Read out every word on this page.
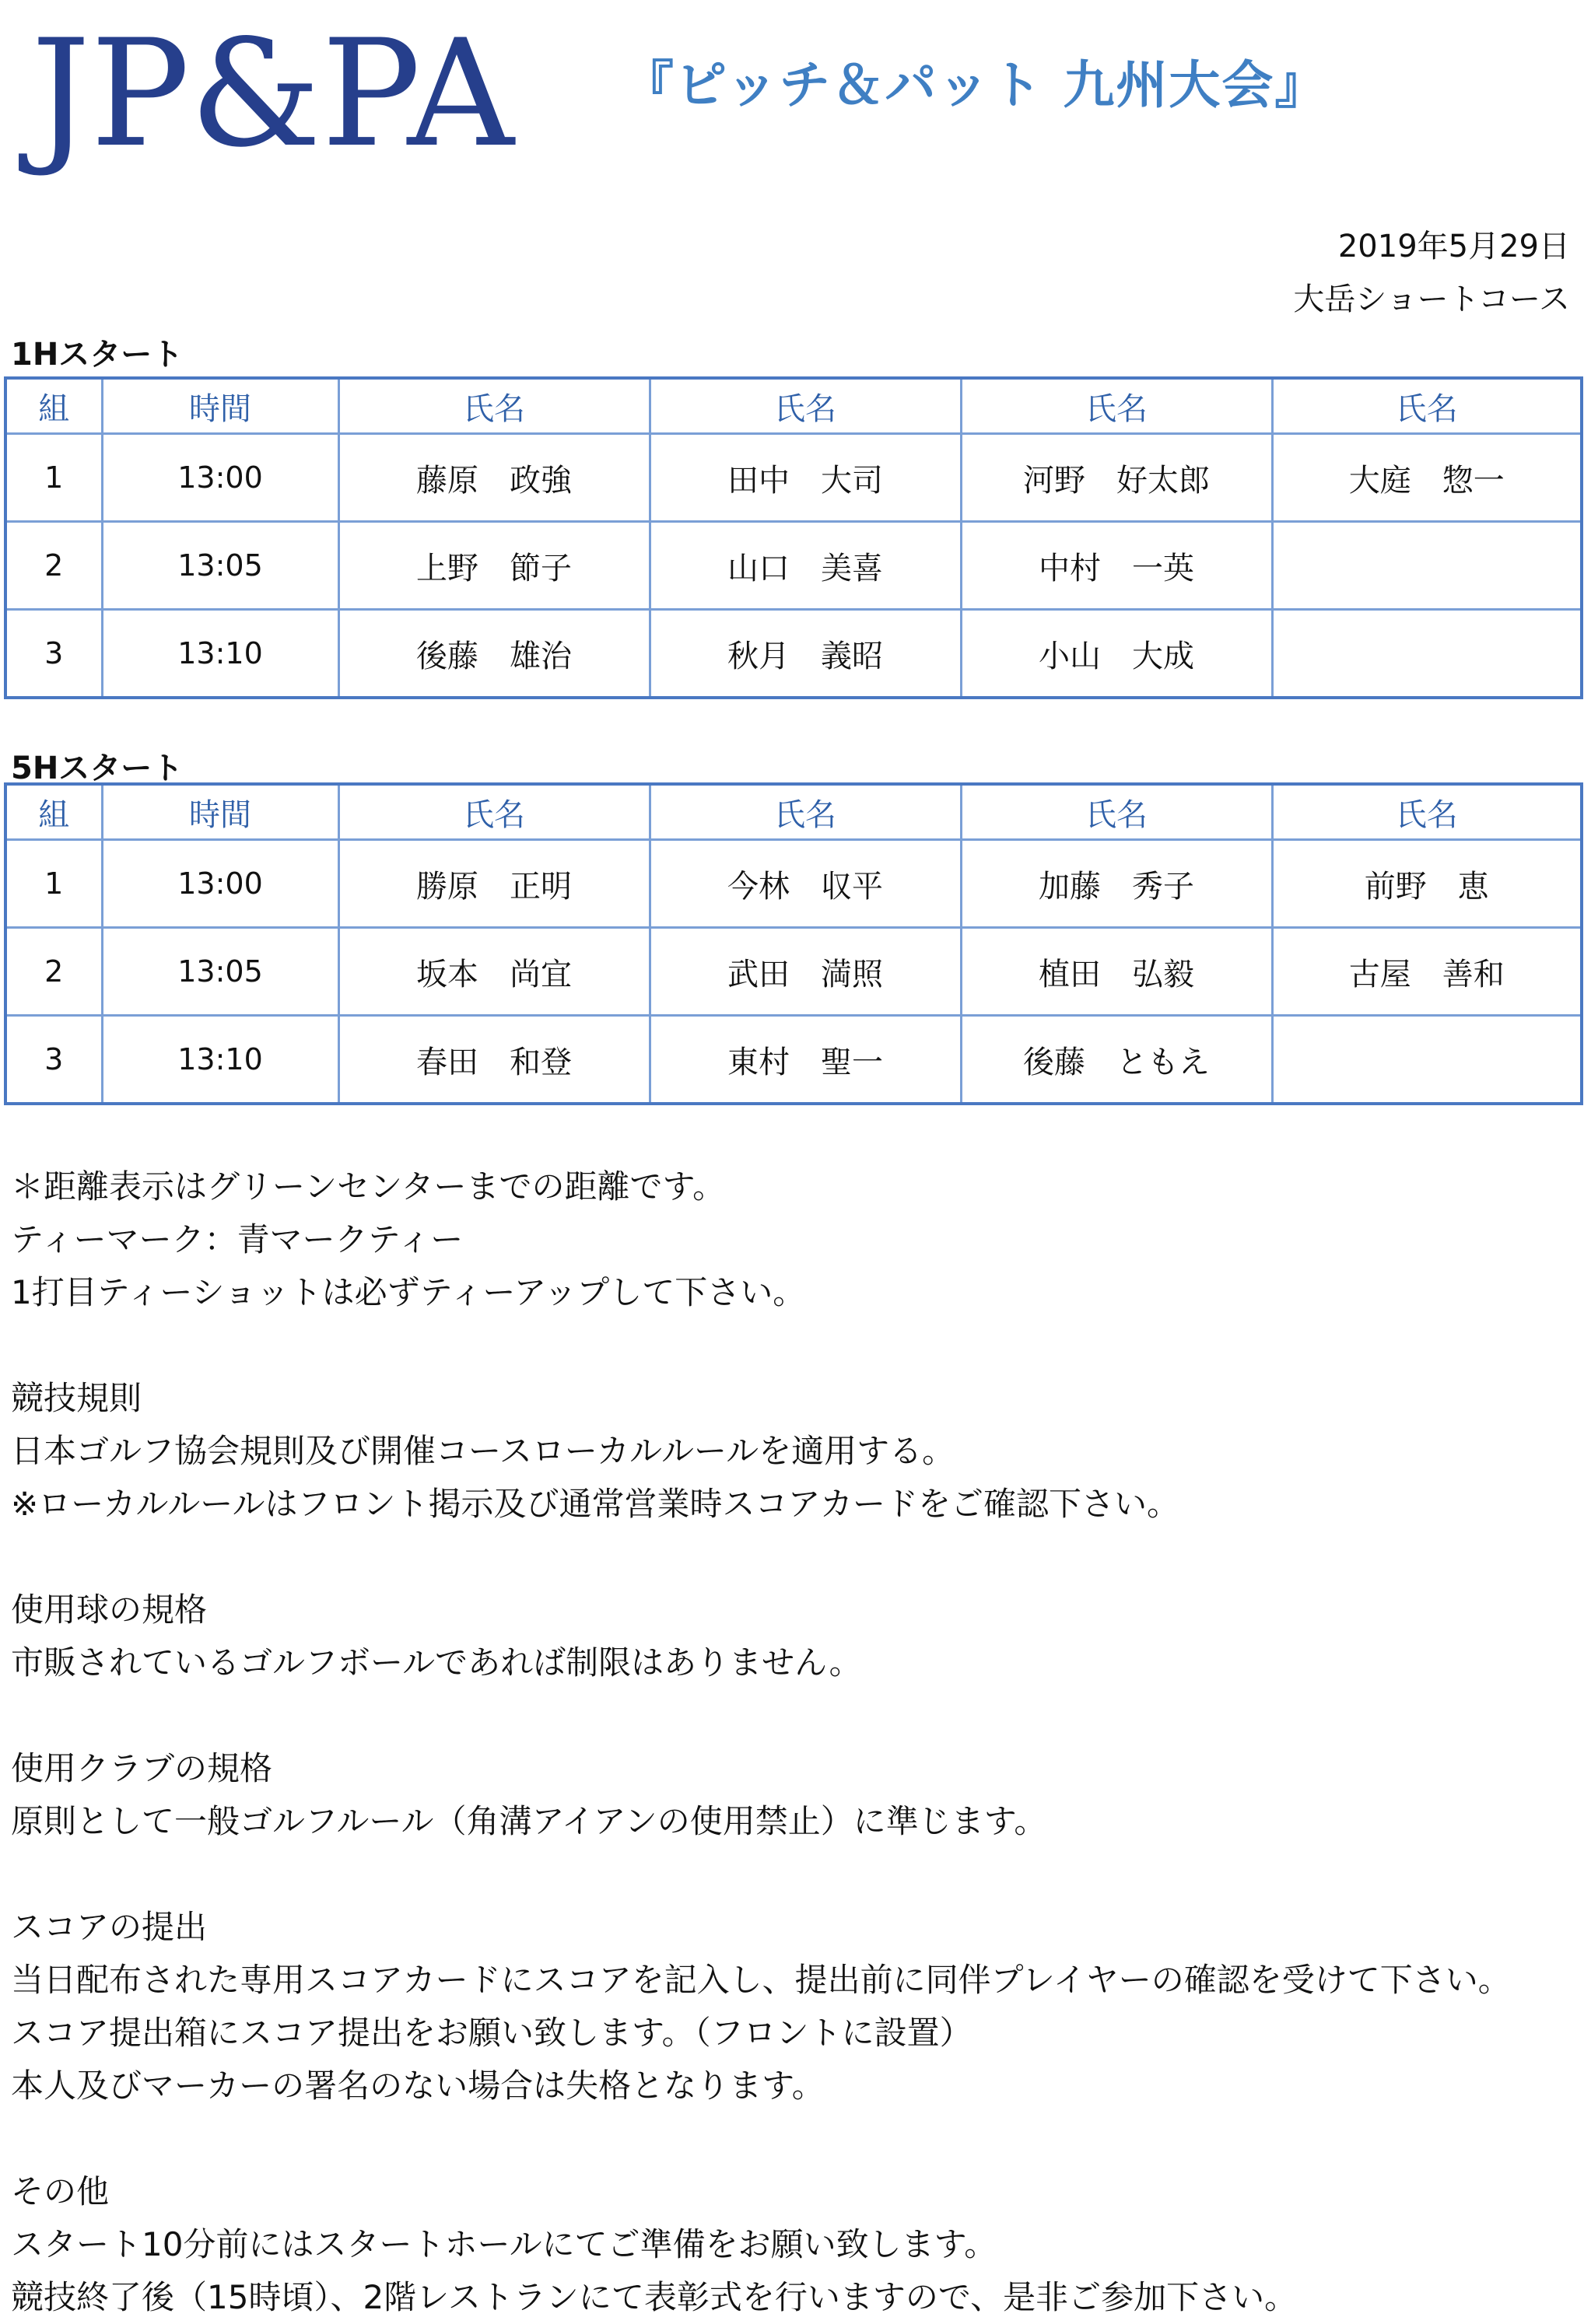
JP&PA 『ピッチ＆パット 九州大会』
2019年5月29日
大岳ショートコース
1Hスタート
組	時間	氏名	氏名	氏名	氏名
1	13:00	藤原　政強	田中　大司	河野　好太郎	大庭　惣一
2	13:05	上野　節子	山口　美喜	中村　一英	
3	13:10	後藤　雄治	秋月　義昭	小山　大成	
5Hスタート
組	時間	氏名	氏名	氏名	氏名
1	13:00	勝原　正明	今林　収平	加藤　秀子	前野　恵
2	13:05	坂本　尚宜	武田　満照	植田　弘毅	古屋　善和
3	13:10	春田　和登	東村　聖一	後藤　ともえ	
＊距離表示はグリーンセンターまでの距離です。
ティーマーク：青マークティー
1打目ティーショットは必ずティーアップして下さい。
競技規則
日本ゴルフ協会規則及び開催コースローカルルールを適用する。
※ローカルルールはフロント掲示及び通常営業時スコアカードをご確認下さい。
使用球の規格
市販されているゴルフボールであれば制限はありません。
使用クラブの規格
原則として一般ゴルフルール（角溝アイアンの使用禁止）に準じます。
スコアの提出
当日配布された専用スコアカードにスコアを記入し、提出前に同伴プレイヤーの確認を受けて下さい。
スコア提出箱にスコア提出をお願い致します。（フロントに設置）
本人及びマーカーの署名のない場合は失格となります。
その他
スタート10分前にはスタートホールにてご準備をお願い致します。
競技終了後（15時頃）、2階レストランにて表彰式を行いますので、是非ご参加下さい。
